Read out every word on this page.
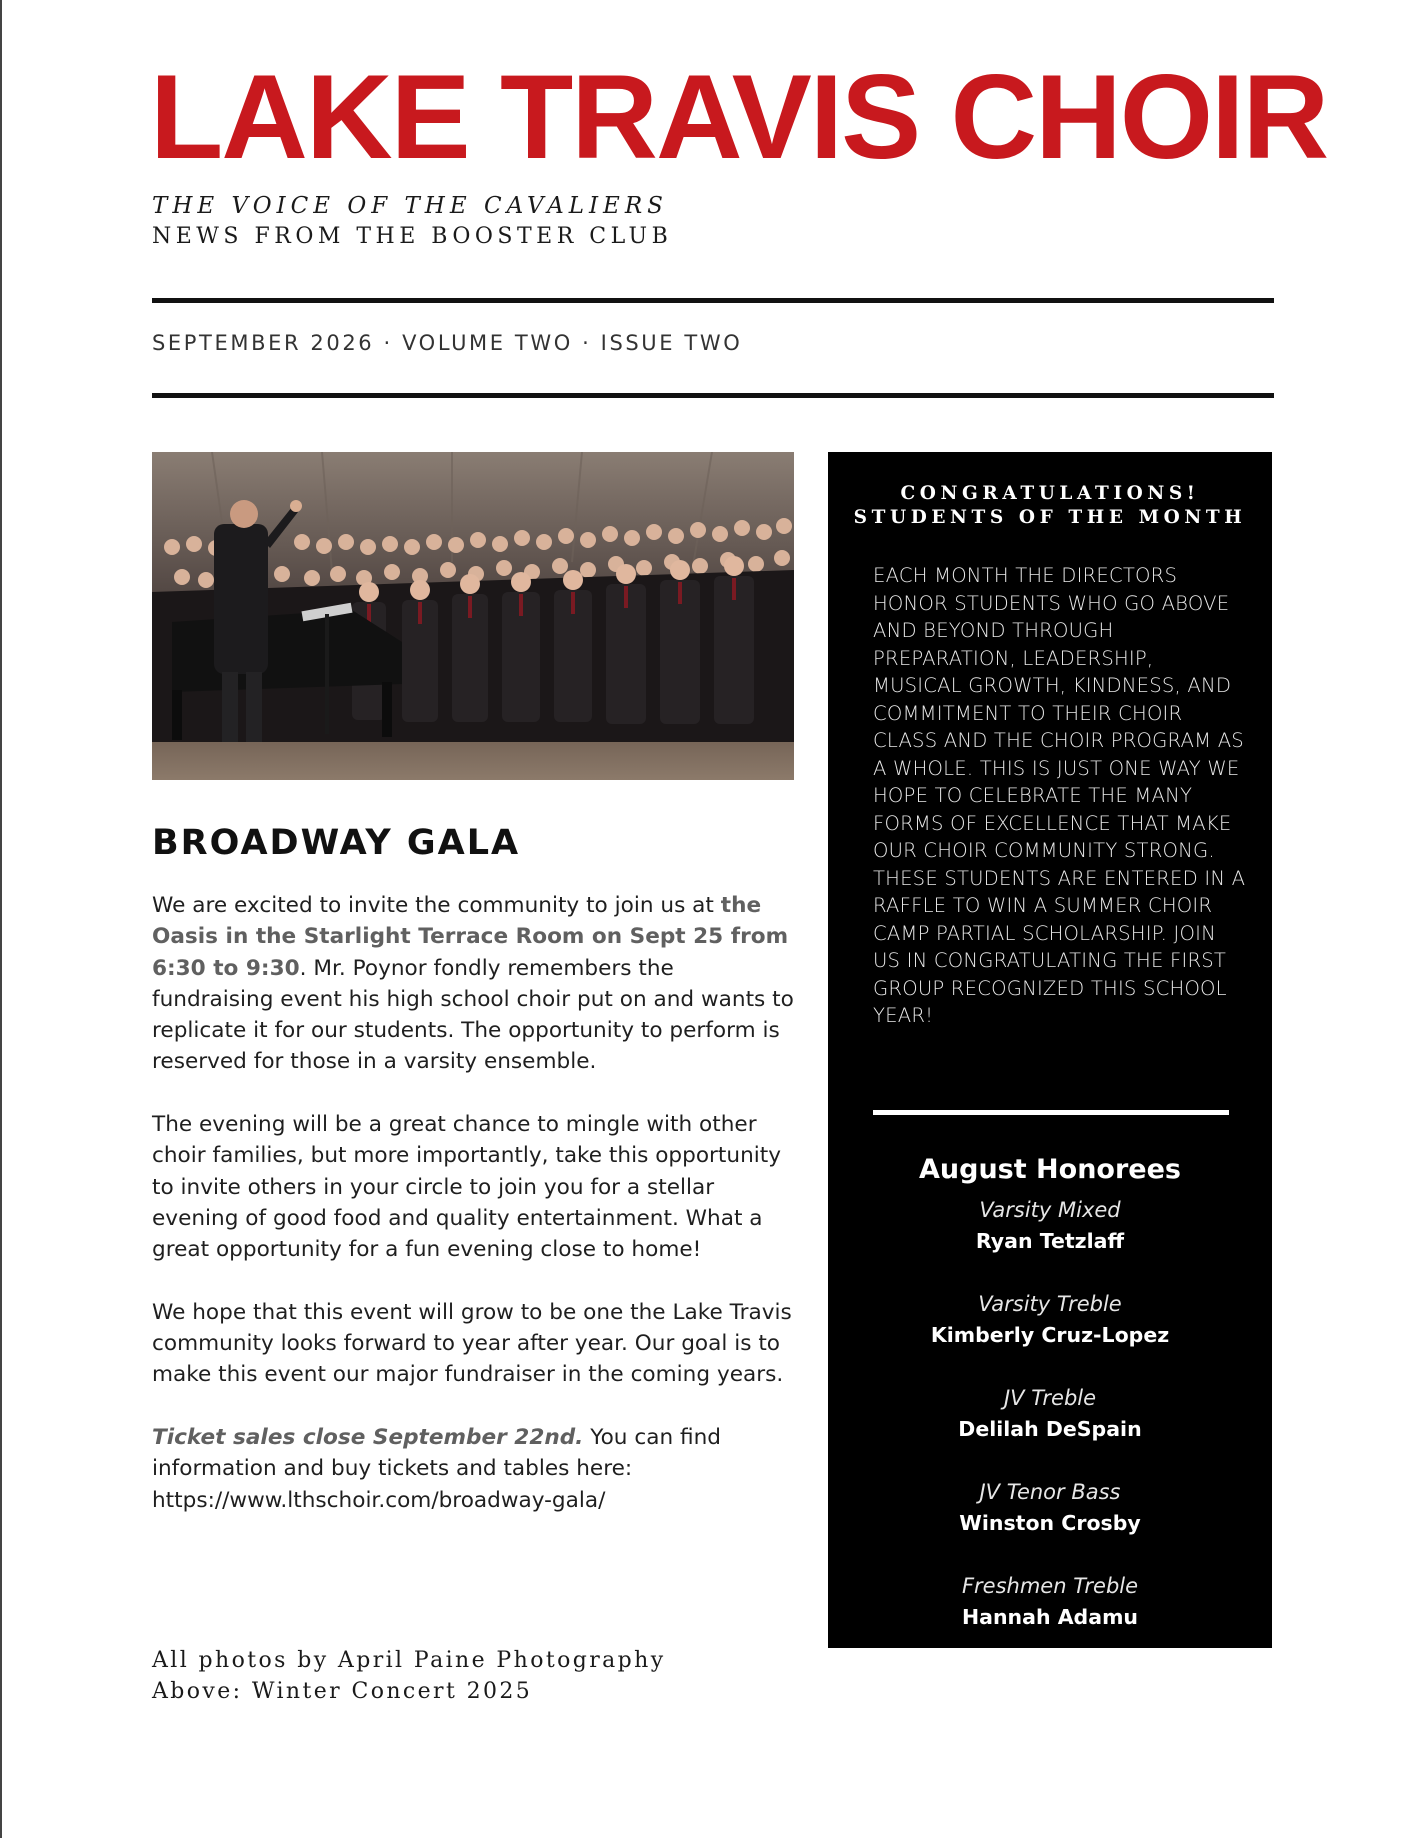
LAKE TRAVIS CHOIR
THE VOICE OF THE CAVALIERS
NEWS FROM THE BOOSTER CLUB
SEPTEMBER 2026 · VOLUME TWO · ISSUE TWO
BROADWAY GALA

We are excited to invite the community to join us at the Oasis in the Starlight Terrace Room on Sept 25 from 6:30 to 9:30. Mr. Poynor fondly remembers the fundraising event his high school choir put on and wants to replicate it for our students. The opportunity to perform is reserved for those in a varsity ensemble.

The evening will be a great chance to mingle with other choir families, but more importantly, take this opportunity to invite others in your circle to join you for a stellar evening of good food and quality entertainment. What a great opportunity for a fun evening close to home!

We hope that this event will grow to be one the Lake Travis community looks forward to year after year. Our goal is to make this event our major fundraiser in the coming years.

Ticket sales close September 22nd. You can find information and buy tickets and tables here: https://www.lthschoir.com/broadway-gala/

All photos by April Paine Photography
Above: Winter Concert 2025
CONGRATULATIONS!
STUDENTS OF THE MONTH
EACH MONTH THE DIRECTORS HONOR STUDENTS WHO GO ABOVE AND BEYOND THROUGH PREPARATION, LEADERSHIP, MUSICAL GROWTH, KINDNESS, AND COMMITMENT TO THEIR CHOIR CLASS AND THE CHOIR PROGRAM AS A WHOLE. THIS IS JUST ONE WAY WE HOPE TO CELEBRATE THE MANY FORMS OF EXCELLENCE THAT MAKE OUR CHOIR COMMUNITY STRONG. THESE STUDENTS ARE ENTERED IN A RAFFLE TO WIN A SUMMER CHOIR CAMP PARTIAL SCHOLARSHIP. JOIN US IN CONGRATULATING THE FIRST GROUP RECOGNIZED THIS SCHOOL YEAR!
August Honorees
Varsity Mixed
Ryan Tetzlaff
Varsity Treble
Kimberly Cruz-Lopez
JV Treble
Delilah DeSpain
JV Tenor Bass
Winston Crosby
Freshmen Treble
Hannah Adamu
